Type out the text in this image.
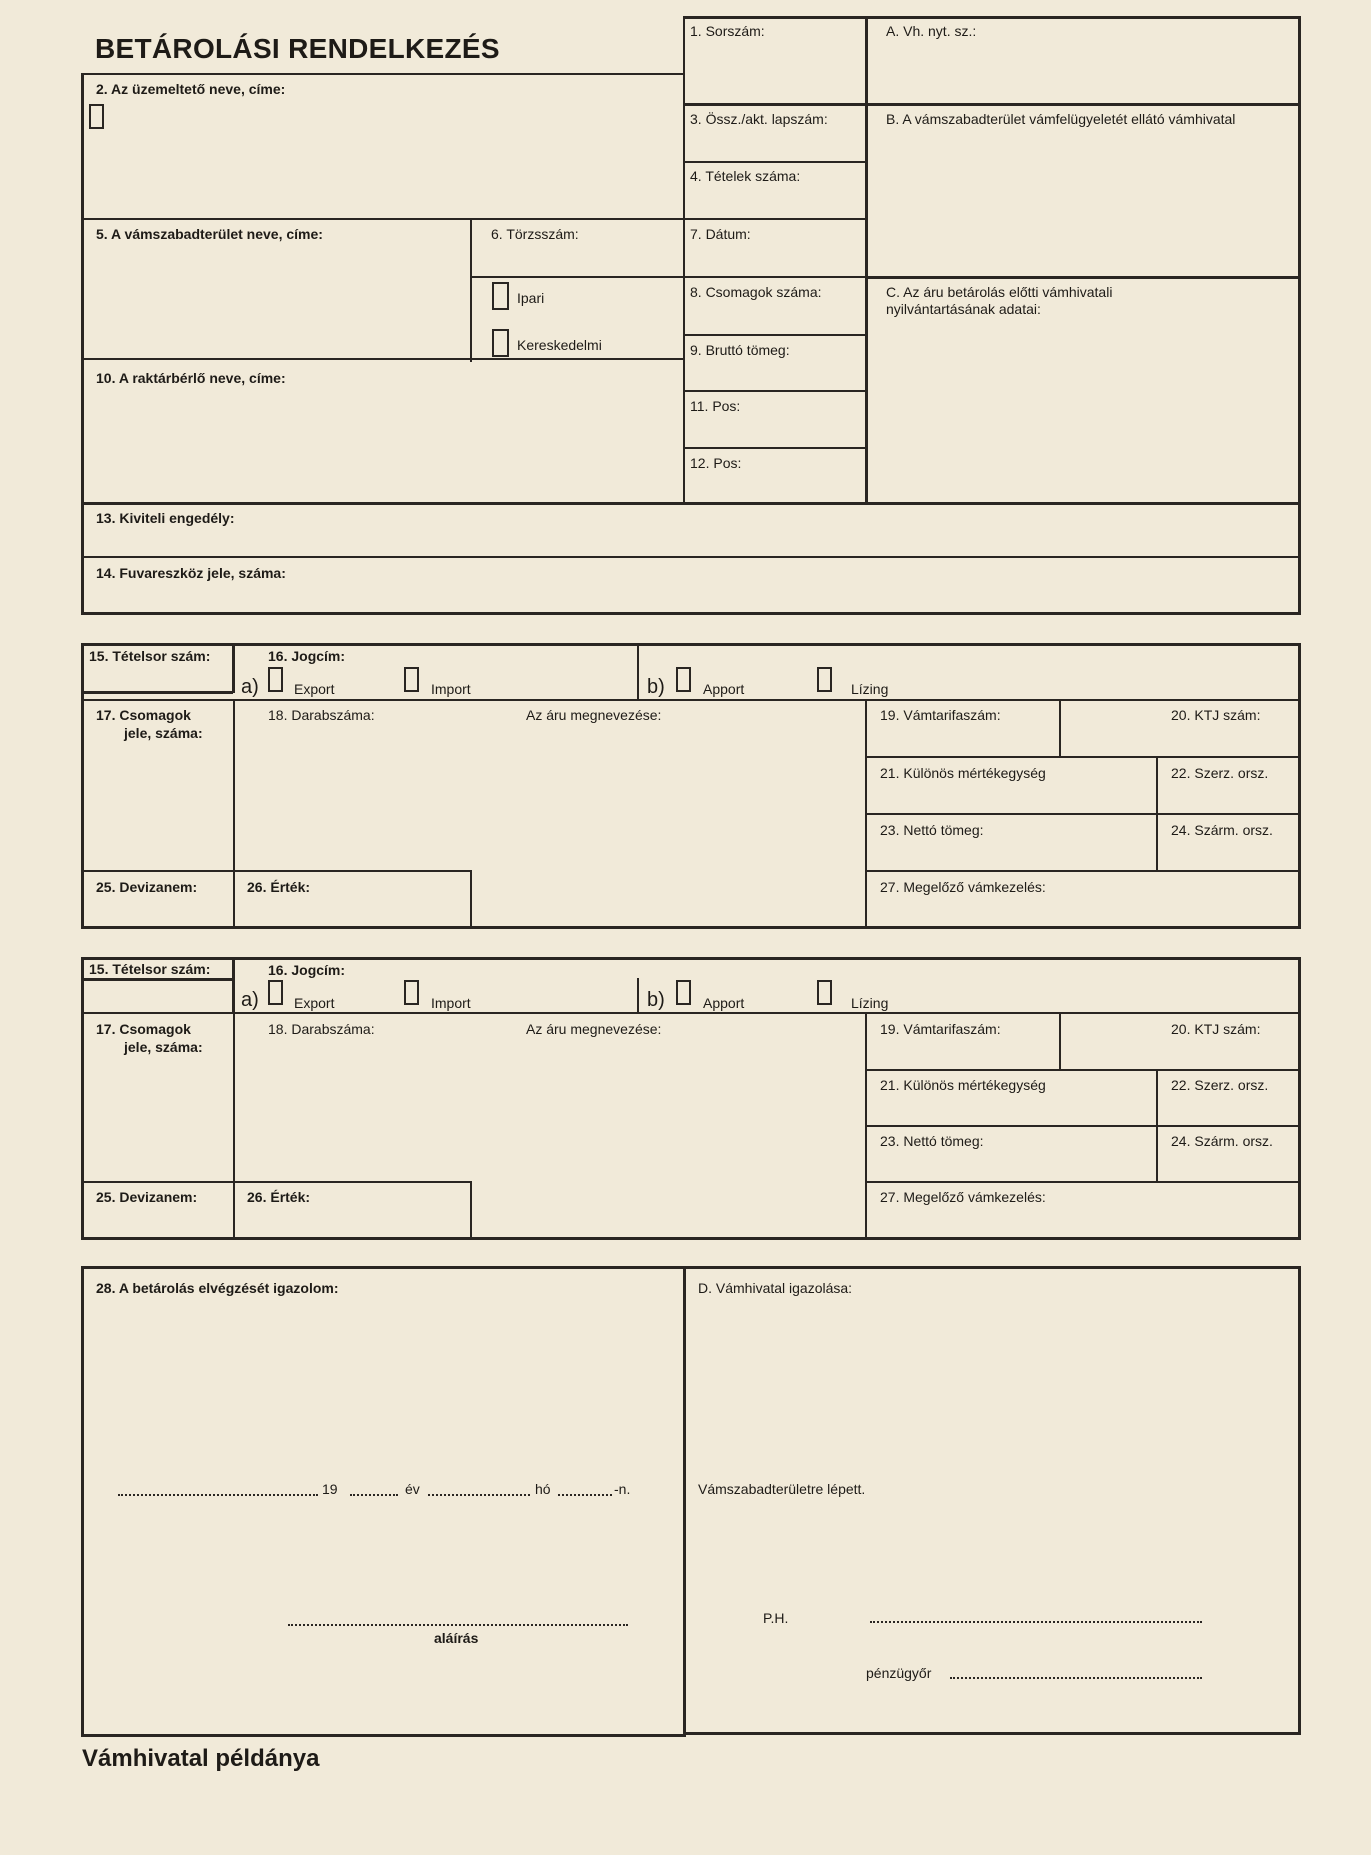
BETÁROLÁSI RENDELKEZÉS
1. Sorszám:	A. Vh. nyt. sz.:
2. Az üzemeltető neve, címe:
3. Össz./akt. lapszám:	B. A vámszabadterület vámfelügyeletét ellátó vámhivatal
4. Tételek száma:
5. A vámszabadterület neve, címe:	6. Törzsszám:	7. Dátum:
8. Csomagok száma:	C. Az áru betárolás előtti vámhivatali nyilvántartásának adatai:
Ipari
Kereskedelmi	9. Bruttó tömeg:
10. A raktárbérlő neve, címe:
11. Pos:
12. Pos:
13. Kiviteli engedély:
14. Fuvareszköz jele, száma:
15. Tételsor szám:	16. Jogcím:
a)	Export	Import	b)	Apport	Lízing
17. Csomagok
jele, száma:
18. Darabszáma:	Az áru megnevezése:	19. Vámtarifaszám:	20. KTJ szám:
21. Különös mértékegység	22. Szerz. orsz.
23. Nettó tömeg:	24. Szárm. orsz.
25. Devizanem:	26. Érték:	27. Megelőző vámkezelés:
15. Tételsor szám:	16. Jogcím:
a)	Export	Import	b)	Apport	Lízing
17. Csomagok
jele, száma:
18. Darabszáma:	Az áru megnevezése:	19. Vámtarifaszám:	20. KTJ szám:
21. Különös mértékegység	22. Szerz. orsz.
23. Nettó tömeg:	24. Szárm. orsz.
25. Devizanem:	26. Érték:	27. Megelőző vámkezelés:
28. A betárolás elvégzését igazolom:	D. Vámhivatal igazolása:
19	év	hó	-n.	Vámszabadterületre lépett.
aláírás
P.H.
pénzügyőr
Vámhivatal példánya
